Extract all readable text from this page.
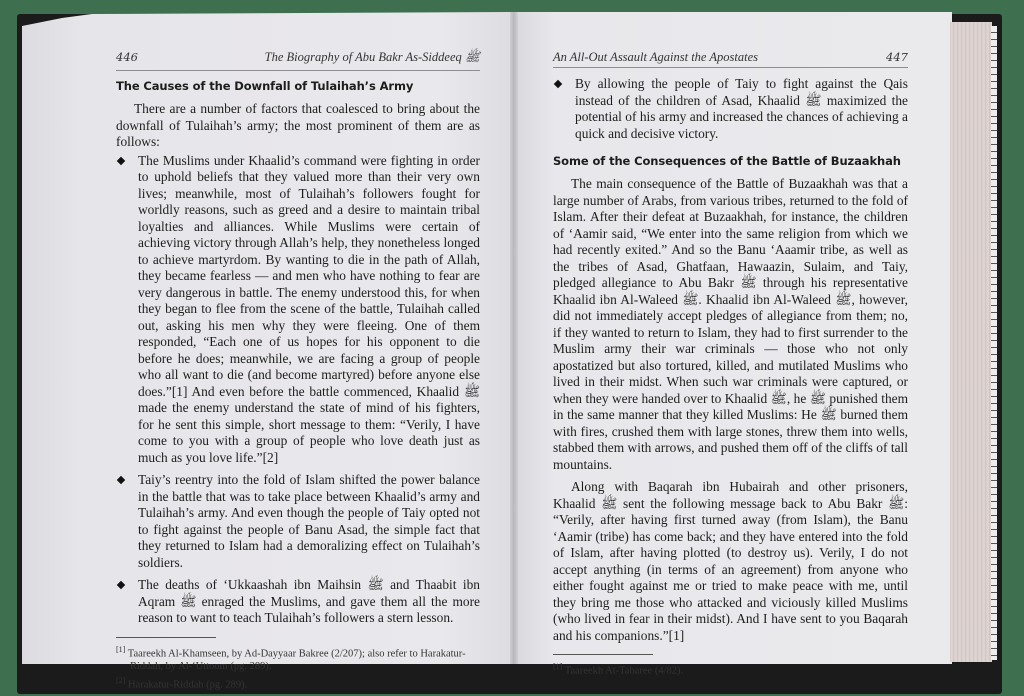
446	The Biography of Abu Bakr As-Siddeeq ﷺ
The Causes of the Downfall of Tulaihah’s Army

There are a number of factors that coalesced to bring about the downfall of Tulaihah’s army; the most prominent of them are as follows:

The Muslims under Khaalid’s command were fighting in order to uphold beliefs that they valued more than their very own lives; meanwhile, most of Tulaihah’s followers fought for worldly reasons, such as greed and a desire to maintain tribal loyalties and alliances. While Muslims were certain of achieving victory through Allah’s help, they nonetheless longed to achieve martyrdom. By wanting to die in the path of Allah, they became fearless — and men who have nothing to fear are very dangerous in battle. The enemy understood this, for when they began to flee from the scene of the battle, Tulaihah called out, asking his men why they were fleeing. One of them responded, “Each one of us hopes for his opponent to die before he does; meanwhile, we are facing a group of people who all want to die (and become martyred) before anyone else does.”[1] And even before the battle commenced, Khaalid ﷺ made the enemy understand the state of mind of his fighters, for he sent this simple, short message to them: “Verily, I have come to you with a group of people who love death just as much as you love life.”[2]
Taiy’s reentry into the fold of Islam shifted the power balance in the battle that was to take place between Khaalid’s army and Tulaihah’s army. And even though the people of Taiy opted not to fight against the people of Banu Asad, the simple fact that they returned to Islam had a demoralizing effect on Tulaihah’s soldiers.
The deaths of ‘Ukkaashah ibn Maihsin ﷺ and Thaabit ibn Aqram ﷺ enraged the Muslims, and gave them all the more reason to want to teach Tulaihah’s followers a stern lesson.

[1] Taareekh Al-Khamseen, by Ad-Dayyaar Bakree (2/207); also refer to Harakatur-Riddah, by Al-‘Uttoom (pg. 289).

[2] Harakatur-Riddah (pg. 289).

An All-Out Assault Against the Apostates	447
By allowing the people of Taiy to fight against the Qais instead of the children of Asad, Khaalid ﷺ maximized the potential of his army and increased the chances of achieving a quick and decisive victory.
Some of the Consequences of the Battle of Buzaakhah

The main consequence of the Battle of Buzaakhah was that a large number of Arabs, from various tribes, returned to the fold of Islam. After their defeat at Buzaakhah, for instance, the children of ‘Aamir said, “We enter into the same religion from which we had recently exited.” And so the Banu ‘Aaamir tribe, as well as the tribes of Asad, Ghatfaan, Hawaazin, Sulaim, and Taiy, pledged allegiance to Abu Bakr ﷺ through his representative Khaalid ibn Al-Waleed ﷺ. Khaalid ibn Al-Waleed ﷺ, however, did not immediately accept pledges of allegiance from them; no, if they wanted to return to Islam, they had to first surrender to the Muslim army their war criminals — those who not only apostatized but also tortured, killed, and mutilated Muslims who lived in their midst. When such war criminals were captured, or when they were handed over to Khaalid ﷺ, he ﷺ punished them in the same manner that they killed Muslims: He ﷺ burned them with fires, crushed them with large stones, threw them into wells, stabbed them with arrows, and pushed them off of the cliffs of tall mountains.

Along with Baqarah ibn Hubairah and other prisoners, Khaalid ﷺ sent the following message back to Abu Bakr ﷺ: “Verily, after having first turned away (from Islam), the Banu ‘Aamir (tribe) has come back; and they have entered into the fold of Islam, after having plotted (to destroy us). Verily, I do not accept anything (in terms of an agreement) from anyone who either fought against me or tried to make peace with me, until they bring me those who attacked and viciously killed Muslims (who lived in fear in their midst). And I have sent to you Baqarah and his companions.”[1]

[1] Taareekh At-Tabaree (4/82).
